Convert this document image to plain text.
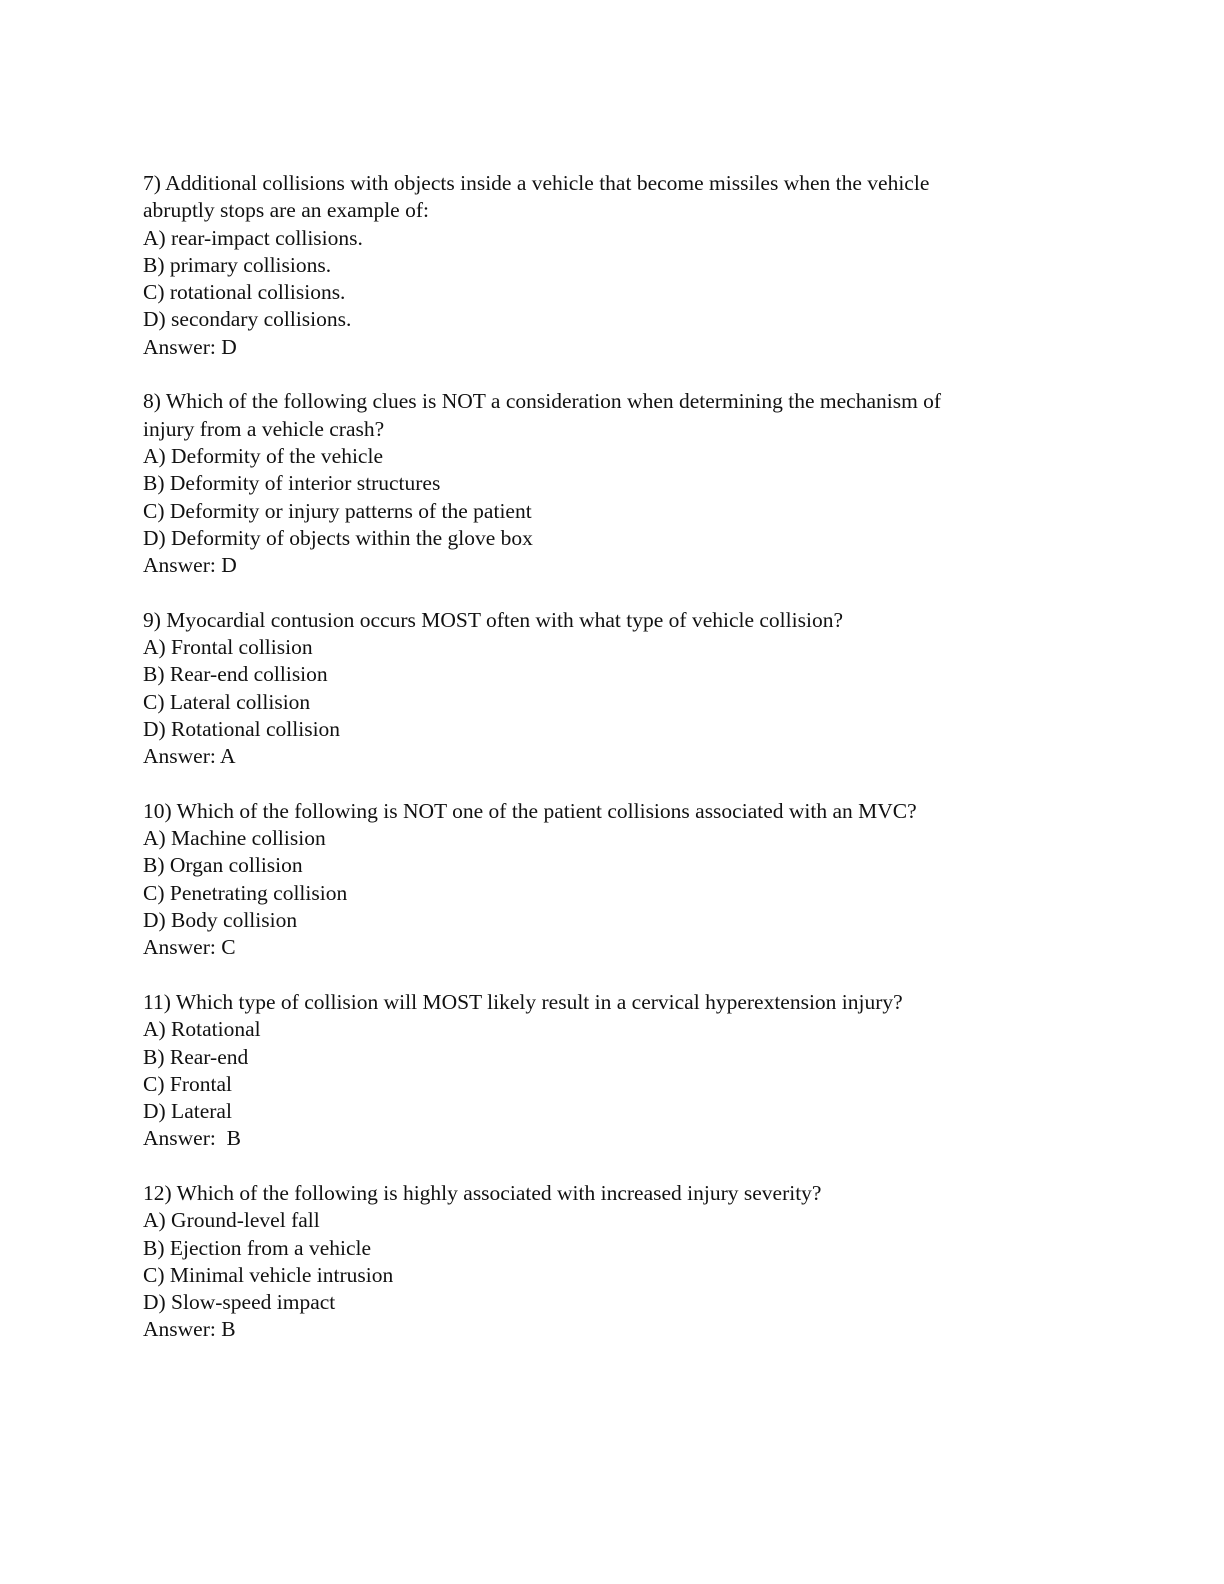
7) Additional collisions with objects inside a vehicle that become missiles when the vehicle
abruptly stops are an example of:
A) rear-impact collisions.
B) primary collisions.
C) rotational collisions.
D) secondary collisions.
Answer: D
8) Which of the following clues is NOT a consideration when determining the mechanism of
injury from a vehicle crash?
A) Deformity of the vehicle
B) Deformity of interior structures
C) Deformity or injury patterns of the patient
D) Deformity of objects within the glove box
Answer: D
9) Myocardial contusion occurs MOST often with what type of vehicle collision?
A) Frontal collision
B) Rear-end collision
C) Lateral collision
D) Rotational collision
Answer: A
10) Which of the following is NOT one of the patient collisions associated with an MVC?
A) Machine collision
B) Organ collision
C) Penetrating collision
D) Body collision
Answer: C
11) Which type of collision will MOST likely result in a cervical hyperextension injury?
A) Rotational
B) Rear-end
C) Frontal
D) Lateral
Answer:  B
12) Which of the following is highly associated with increased injury severity?
A) Ground-level fall
B) Ejection from a vehicle
C) Minimal vehicle intrusion
D) Slow-speed impact
Answer: B
